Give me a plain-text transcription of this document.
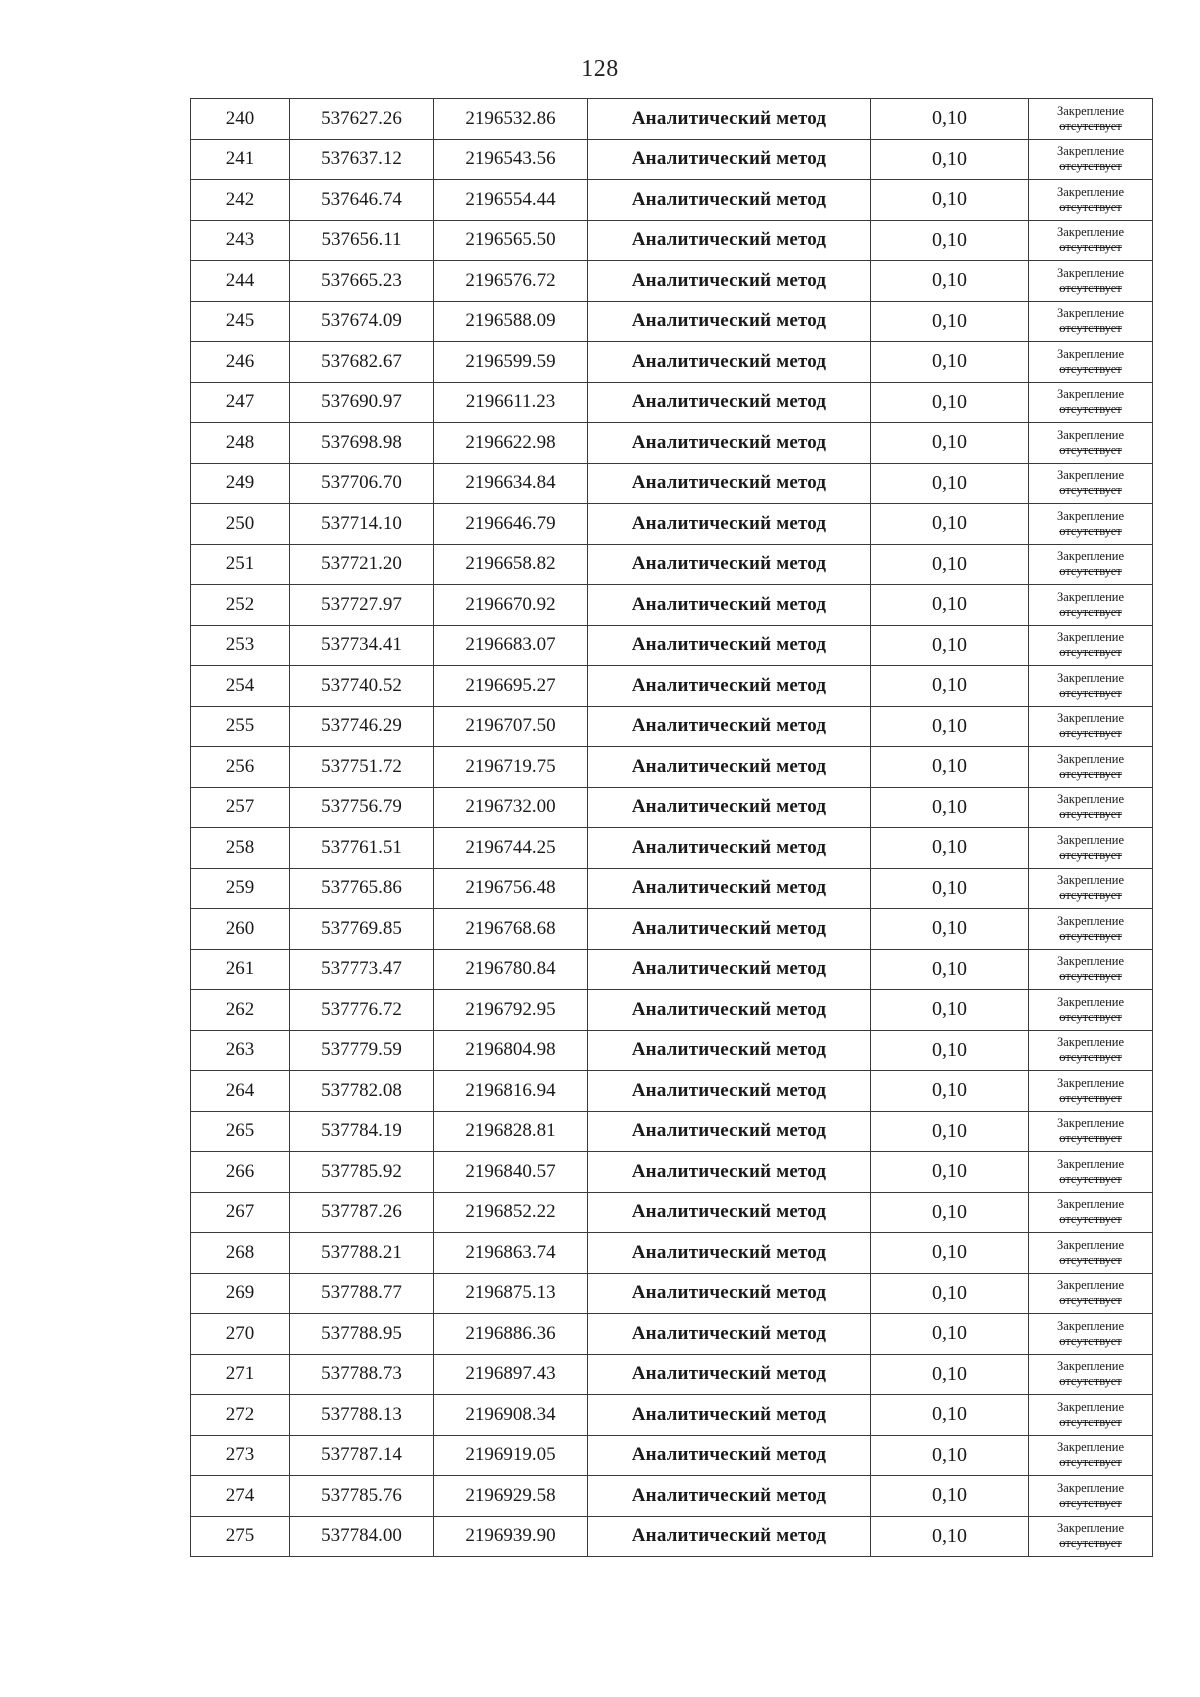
128
240	537627.26	2196532.86	Аналитический метод	0,10	Закрепление
отсутствует

241	537637.12	2196543.56	Аналитический метод	0,10	Закрепление
отсутствует

242	537646.74	2196554.44	Аналитический метод	0,10	Закрепление
отсутствует

243	537656.11	2196565.50	Аналитический метод	0,10	Закрепление
отсутствует

244	537665.23	2196576.72	Аналитический метод	0,10	Закрепление
отсутствует

245	537674.09	2196588.09	Аналитический метод	0,10	Закрепление
отсутствует

246	537682.67	2196599.59	Аналитический метод	0,10	Закрепление
отсутствует

247	537690.97	2196611.23	Аналитический метод	0,10	Закрепление
отсутствует

248	537698.98	2196622.98	Аналитический метод	0,10	Закрепление
отсутствует

249	537706.70	2196634.84	Аналитический метод	0,10	Закрепление
отсутствует

250	537714.10	2196646.79	Аналитический метод	0,10	Закрепление
отсутствует

251	537721.20	2196658.82	Аналитический метод	0,10	Закрепление
отсутствует

252	537727.97	2196670.92	Аналитический метод	0,10	Закрепление
отсутствует

253	537734.41	2196683.07	Аналитический метод	0,10	Закрепление
отсутствует

254	537740.52	2196695.27	Аналитический метод	0,10	Закрепление
отсутствует

255	537746.29	2196707.50	Аналитический метод	0,10	Закрепление
отсутствует

256	537751.72	2196719.75	Аналитический метод	0,10	Закрепление
отсутствует

257	537756.79	2196732.00	Аналитический метод	0,10	Закрепление
отсутствует

258	537761.51	2196744.25	Аналитический метод	0,10	Закрепление
отсутствует

259	537765.86	2196756.48	Аналитический метод	0,10	Закрепление
отсутствует

260	537769.85	2196768.68	Аналитический метод	0,10	Закрепление
отсутствует

261	537773.47	2196780.84	Аналитический метод	0,10	Закрепление
отсутствует

262	537776.72	2196792.95	Аналитический метод	0,10	Закрепление
отсутствует

263	537779.59	2196804.98	Аналитический метод	0,10	Закрепление
отсутствует

264	537782.08	2196816.94	Аналитический метод	0,10	Закрепление
отсутствует

265	537784.19	2196828.81	Аналитический метод	0,10	Закрепление
отсутствует

266	537785.92	2196840.57	Аналитический метод	0,10	Закрепление
отсутствует

267	537787.26	2196852.22	Аналитический метод	0,10	Закрепление
отсутствует

268	537788.21	2196863.74	Аналитический метод	0,10	Закрепление
отсутствует

269	537788.77	2196875.13	Аналитический метод	0,10	Закрепление
отсутствует

270	537788.95	2196886.36	Аналитический метод	0,10	Закрепление
отсутствует

271	537788.73	2196897.43	Аналитический метод	0,10	Закрепление
отсутствует

272	537788.13	2196908.34	Аналитический метод	0,10	Закрепление
отсутствует

273	537787.14	2196919.05	Аналитический метод	0,10	Закрепление
отсутствует

274	537785.76	2196929.58	Аналитический метод	0,10	Закрепление
отсутствует

275	537784.00	2196939.90	Аналитический метод	0,10	Закрепление
отсутствует
